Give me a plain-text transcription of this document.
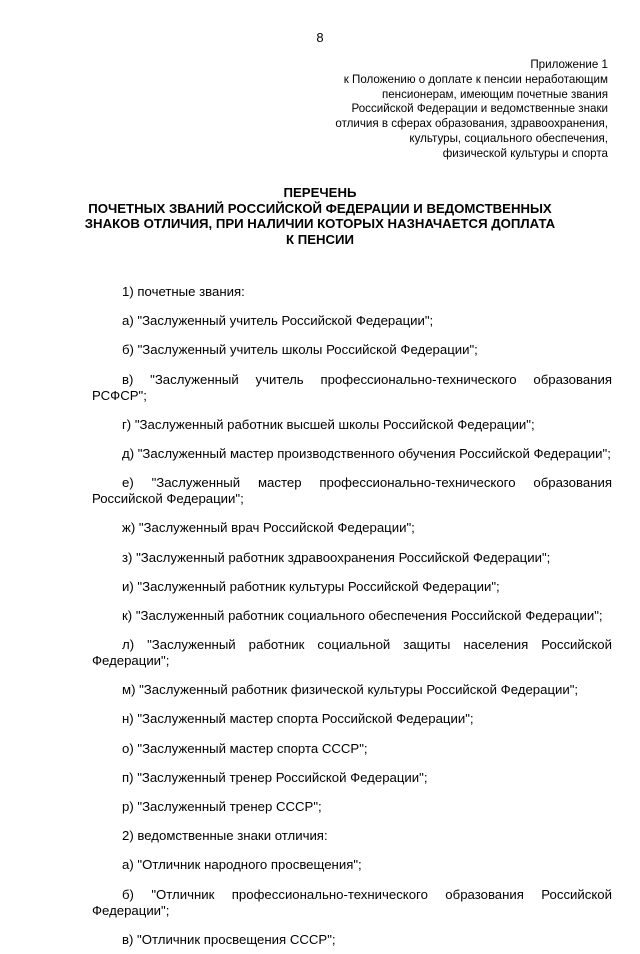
8
Приложение 1
к Положению о доплате к пенсии неработающим
пенсионерам, имеющим почетные звания
Российской Федерации и ведомственные знаки
отличия в сферах образования, здравоохранения,
культуры, социального обеспечения,
физической культуры и спорта
ПЕРЕЧЕНЬ
ПОЧЕТНЫХ ЗВАНИЙ РОССИЙСКОЙ ФЕДЕРАЦИИ И ВЕДОМСТВЕННЫХ
ЗНАКОВ ОТЛИЧИЯ, ПРИ НАЛИЧИИ КОТОРЫХ НАЗНАЧАЕТСЯ ДОПЛАТА
К ПЕНСИИ

1) почетные звания:

а) "Заслуженный учитель Российской Федерации";

б) "Заслуженный учитель школы Российской Федерации";

в) "Заслуженный учитель профессионально-технического образования РСФСР";

г) "Заслуженный работник высшей школы Российской Федерации";

д) "Заслуженный мастер производственного обучения Российской Федерации";

е) "Заслуженный мастер профессионально-технического образования Российской Федерации";

ж) "Заслуженный врач Российской Федерации";

з) "Заслуженный работник здравоохранения Российской Федерации";

и) "Заслуженный работник культуры Российской Федерации";

к) "Заслуженный работник социального обеспечения Российской Федерации";

л) "Заслуженный работник социальной защиты населения Российской Федерации";

м) "Заслуженный работник физической культуры Российской Федерации";

н) "Заслуженный мастер спорта Российской Федерации";

о) "Заслуженный мастер спорта СССР";

п) "Заслуженный тренер Российской Федерации";

р) "Заслуженный тренер СССР";

2) ведомственные знаки отличия:

а) "Отличник народного просвещения";

б) "Отличник профессионально-технического образования Российской Федерации";

в) "Отличник просвещения СССР";
